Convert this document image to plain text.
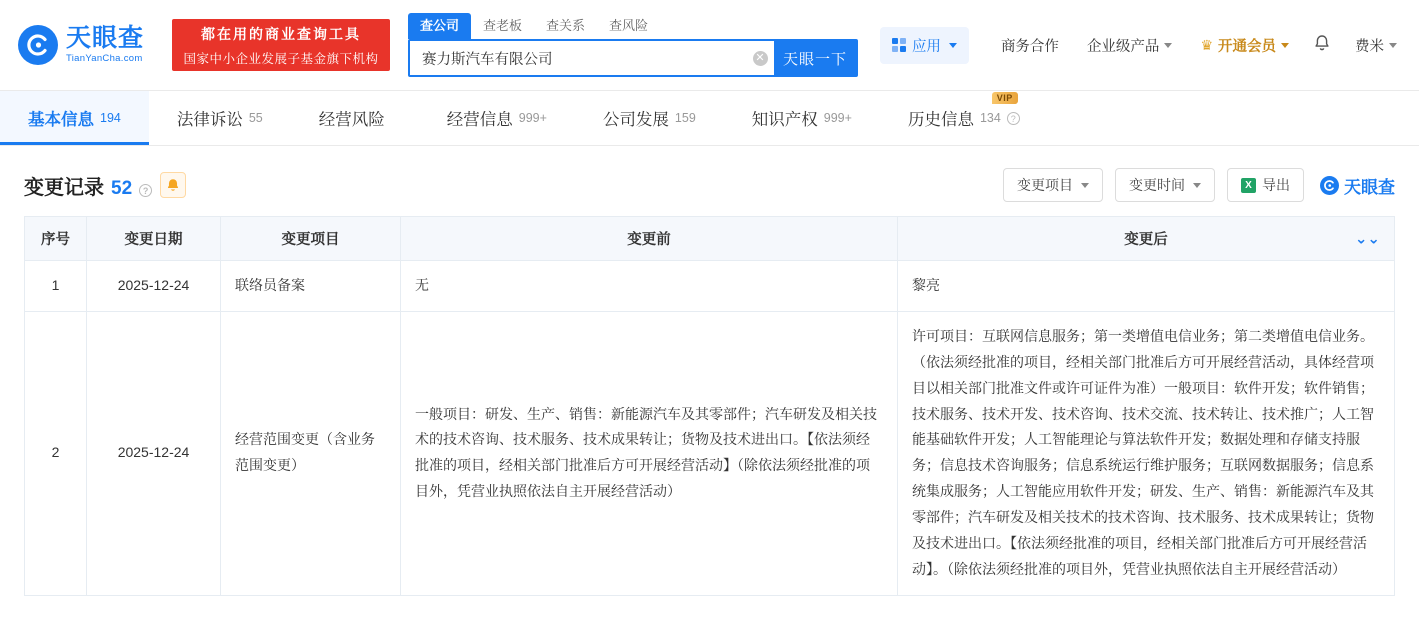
天眼查
TianYanCha.com
都在用的商业查询工具
国家中小企业发展子基金旗下机构
查公司	查老板	查关系	查风险
赛力斯汽车有限公司
✕	天眼一下
应用	商务合作 企业级产品	♛ 开通会员	费米
基本信息 194	法律诉讼 55	经营风险	经营信息 999+	公司发展 159	知识产权 999+
VIP
历史信息 134	?
变更记录 52	?	变更项目	变更时间	X 导出	天眼查
序号	变更日期	变更项目	变更前	变更后 ⌄⌄

1	2025-12-24	联络员备案	无	黎亮
2	2025-12-24	经营范围变更（含业务范围变更）	一般项目：研发、生产、销售：新能源汽车及其零部件；汽车研发及相关技术的技术咨询、技术服务、技术成果转让；货物及技术进出口。【依法须经批准的项目，经相关部门批准后方可开展经营活动】（除依法须经批准的项目外，凭营业执照依法自主开展经营活动）	许可项目：互联网信息服务；第一类增值电信业务；第二类增值电信业务。（依法须经批准的项目，经相关部门批准后方可开展经营活动，具体经营项目以相关部门批准文件或许可证件为准）一般项目：软件开发；软件销售；技术服务、技术开发、技术咨询、技术交流、技术转让、技术推广；人工智能基础软件开发；人工智能理论与算法软件开发；数据处理和存储支持服务；信息技术咨询服务；信息系统运行维护服务；互联网数据服务；信息系统集成服务；人工智能应用软件开发；研发、生产、销售：新能源汽车及其零部件；汽车研发及相关技术的技术咨询、技术服务、技术成果转让；货物及技术进出口。【依法须经批准的项目，经相关部门批准后方可开展经营活动】。（除依法须经批准的项目外，凭营业执照依法自主开展经营活动）
